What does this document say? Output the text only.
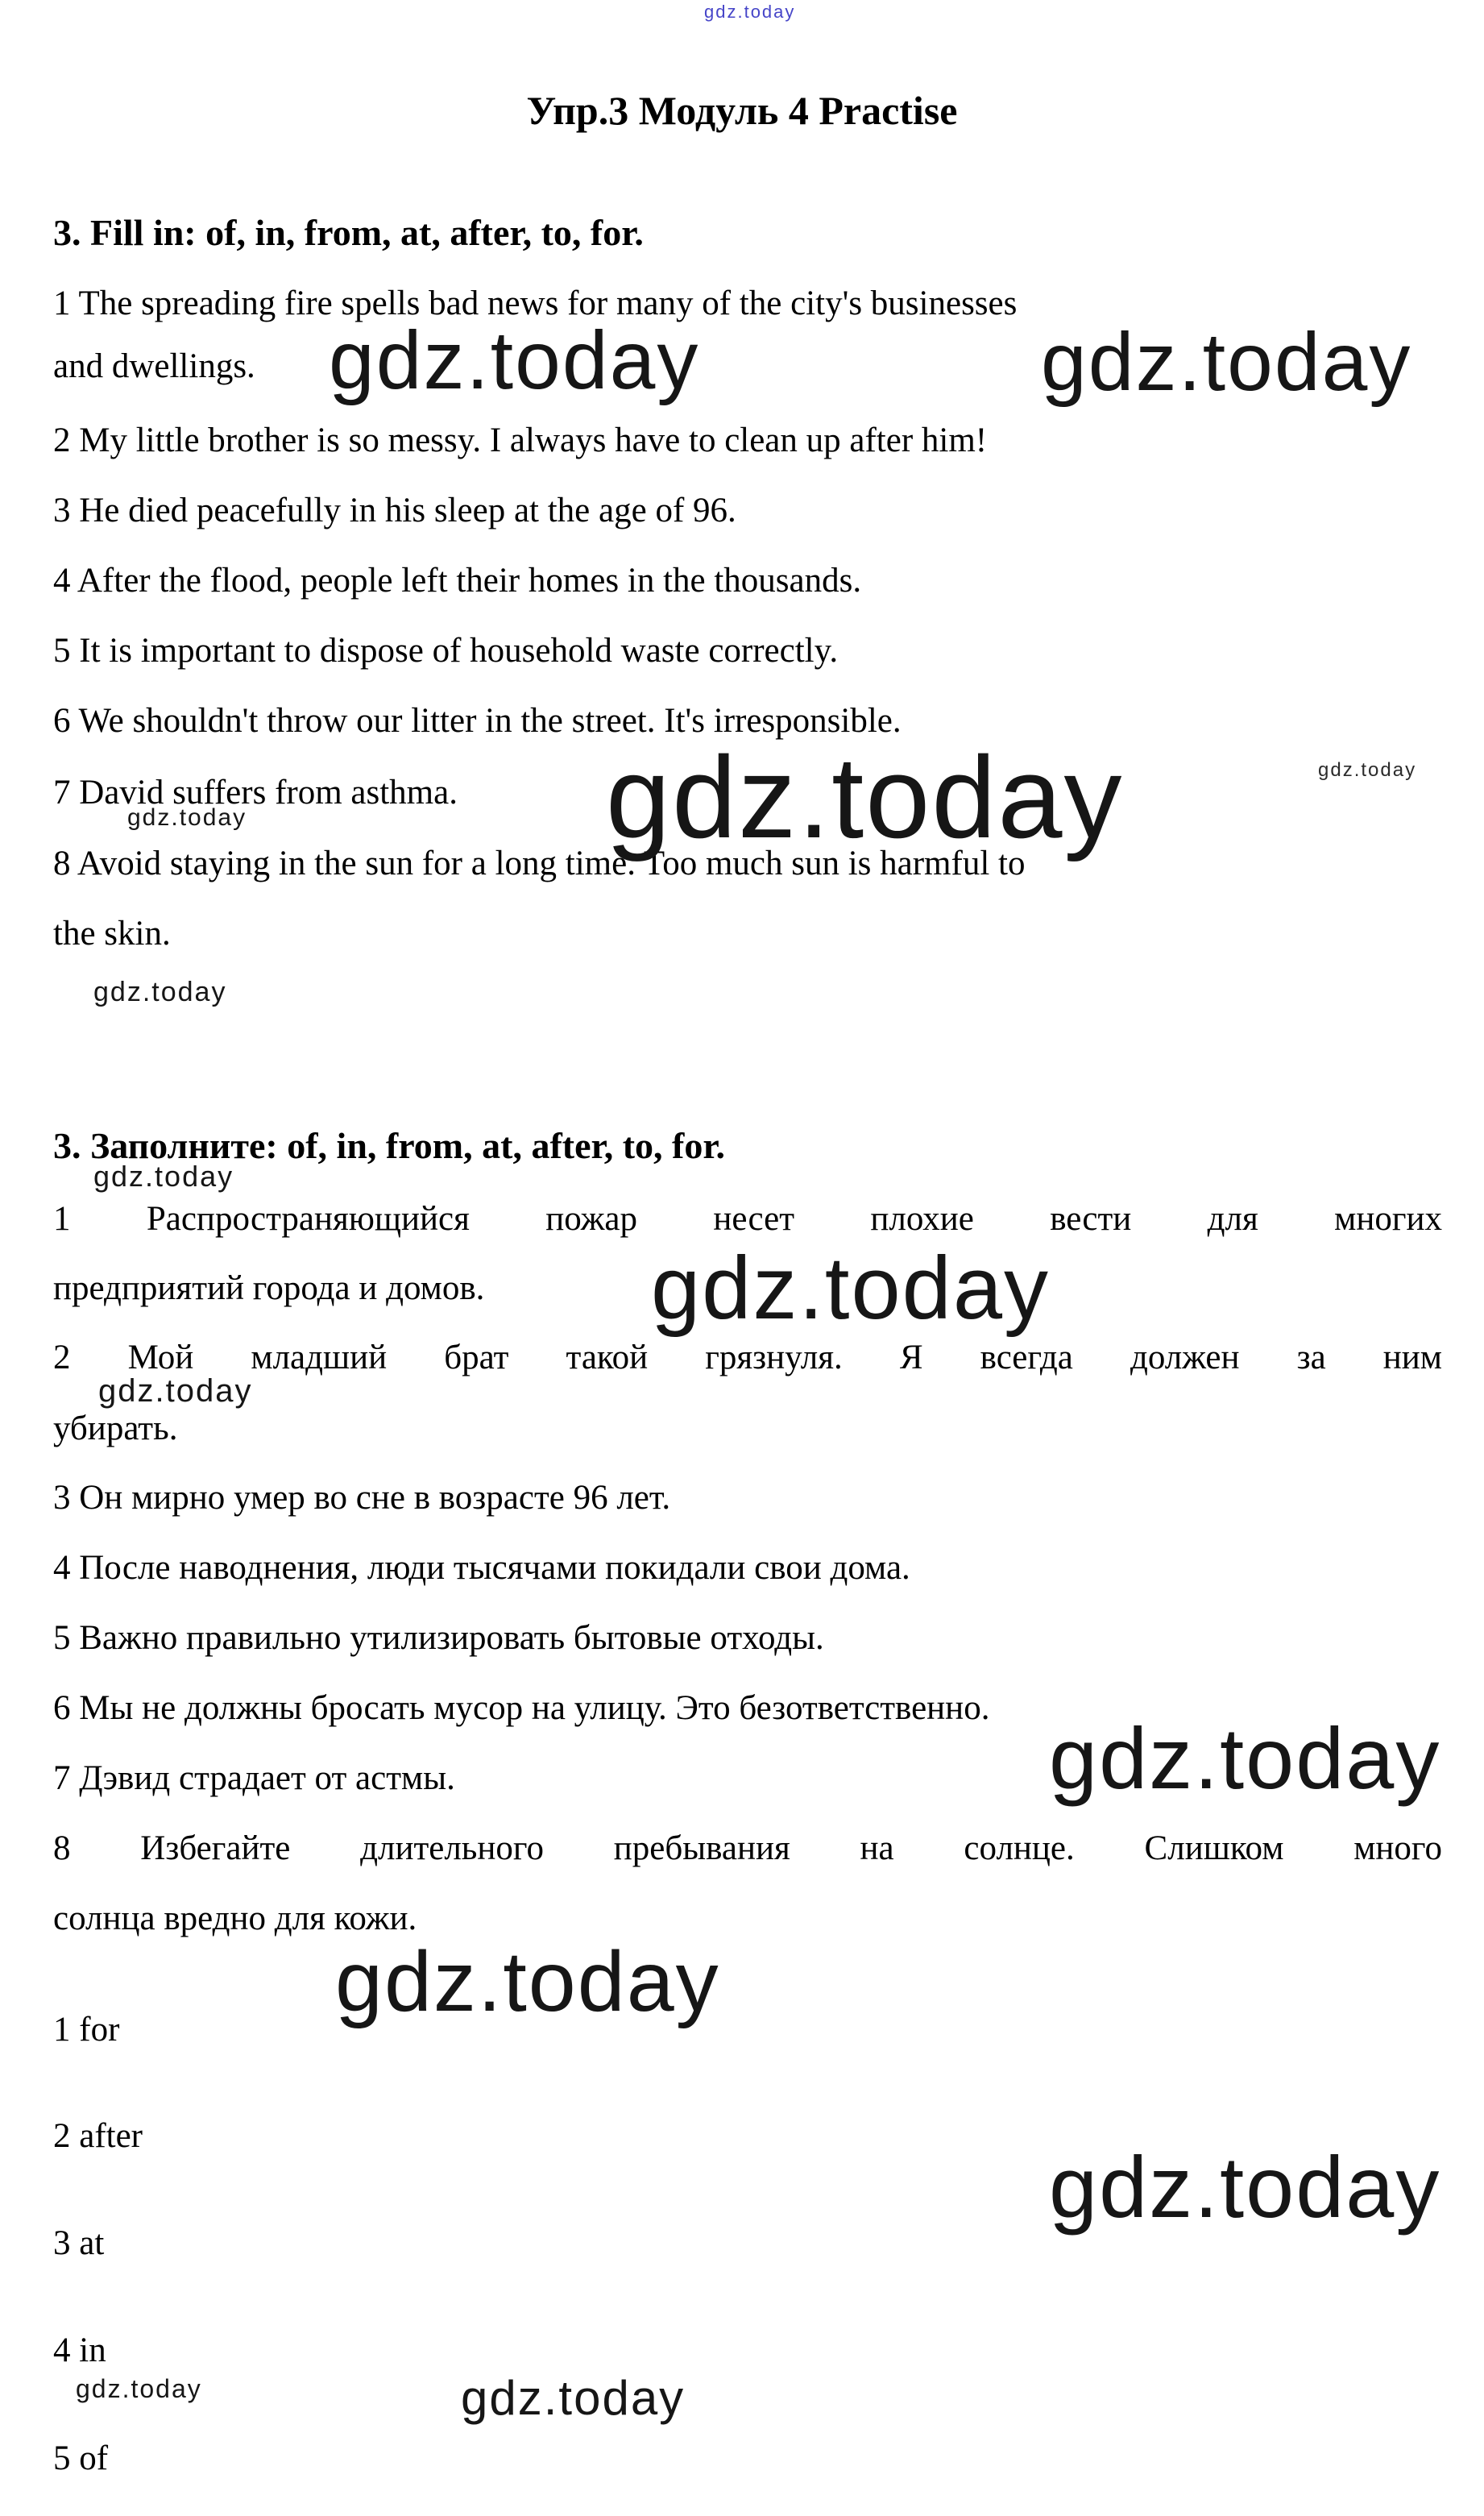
gdz.today
Упр.3 Модуль 4 Practise
3. Fill in: of, in, from, at, after, to, for.
1 The spreading fire spells bad news for many of the city's businesses
and dwellings.
2 My little brother is so messy. I always have to clean up after him!
3 He died peacefully in his sleep at the age of 96.
4 After the flood, people left their homes in the thousands.
5 It is important to dispose of household waste correctly.
6 We shouldn't throw our litter in the street. It's irresponsible.
7 David suffers from asthma.
8 Avoid staying in the sun for a long time. Too much sun is harmful to
the skin.
gdz.today	gdz.today
gdz.today	gdz.today
gdz.today
gdz.today
3. Заполните: of, in, from, at, after, to, for.
gdz.today
1 Распространяющийся пожар несет плохие вести для многих
предприятий города и домов.
2 Мой младший брат такой грязнуля. Я всегда должен за ним
убирать.
3 Он мирно умер во сне в возрасте 96 лет.
4 После наводнения, люди тысячами покидали свои дома.
5 Важно правильно утилизировать бытовые отходы.
6 Мы не должны бросать мусор на улицу. Это безответственно.
7 Дэвид страдает от астмы.
8 Избегайте длительного пребывания на солнце. Слишком много
солнца вредно для кожи.
gdz.today
gdz.today
gdz.today
1 for
2 after
3 at
4 in
5 of
gdz.today
gdz.today
gdz.today	gdz.today
